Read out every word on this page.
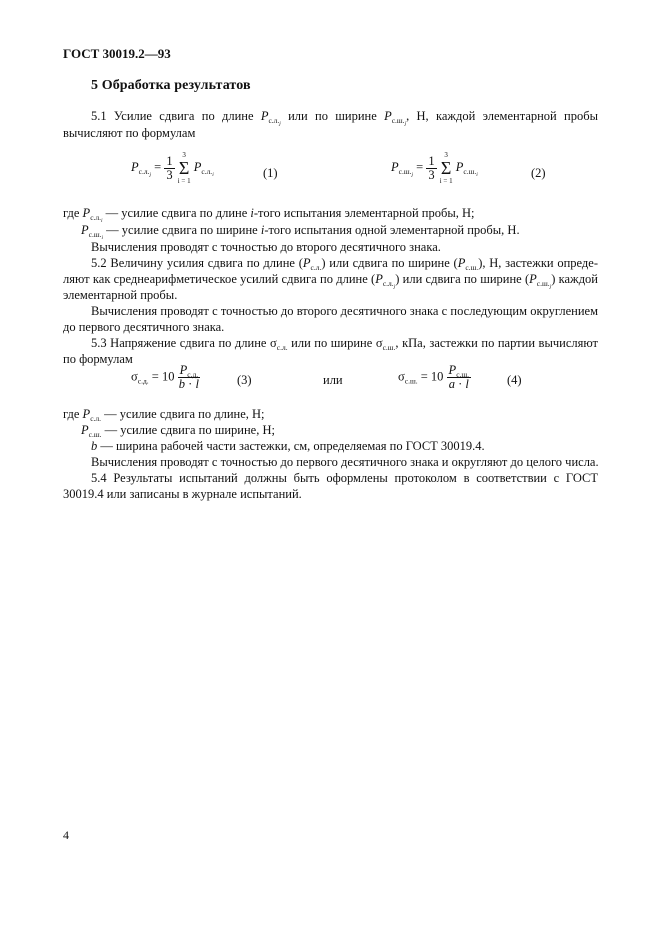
ГОСТ 30019.2—93
5 Обработка результатов
5.1 Усилие сдвига по длине $P_{с.л._j}$ или по ширине $P_{с.ш._j}$, Н, каждой элементарной пробы
вычисляют по формулам
$P_{с.л._j} = \frac{1}{3}$
	3
Σ
i = 1
$P_{с.л._i}$	(1)	$P_{с.ш._j} = \frac{1}{3}$
	3
Σ
i = 1
$P_{с.ш._i}$	(2)
где $P_{с.л._i}$ — усилие сдвига по длине i-того испытания элементарной пробы, Н;
$P_{с.ш._i}$ — усилие сдвига по ширине i-того испытания одной элементарной пробы, Н.
Вычисления проводят с точностью до второго десятичного знака.
5.2 Величину усилия сдвига по длине $(P_{с.л.})$ или сдвига по ширине $(P_{с.ш.})$, Н, застежки опреде-
ляют как среднеарифметическое усилий сдвига по длине $(P_{с.л._j})$ или сдвига по ширине $(P_{с.ш._j})$ каждой
элементарной пробы.
Вычисления проводят с точностью до второго десятичного знака с последующим округлением
до первого десятичного знака.
5.3 Напряжение сдвига по длине $\sigma_{с.л.}$ или по ширине $\sigma_{с.ш.}$, кПа, застежки по партии вычисляют
по формулам
$\sigma_{с.д.} = 10 \frac{P_{с.д.}}{b \cdot l}$	(3)	или	$\sigma_{с.ш.} = 10 \frac{P_{с.ш.}}{a \cdot l}$	(4)
где $P_{с.л.}$ — усилие сдвига по длине, Н;
$P_{с.ш.}$ — усилие сдвига по ширине, Н;
b — ширина рабочей части застежки, см, определяемая по ГОСТ 30019.4.
Вычисления проводят с точностью до первого десятичного знака и округляют до целого числа.
5.4 Результаты испытаний должны быть оформлены протоколом в соответствии с ГОСТ
30019.4 или записаны в журнале испытаний.
4
